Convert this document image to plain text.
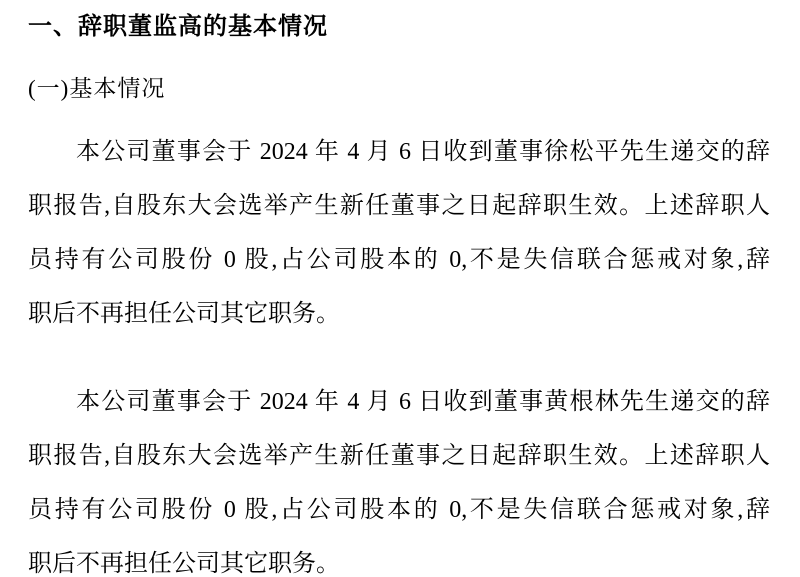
一、辞职董监高的基本情况
(一)基本情况
本公司董事会于 2024 年 4 月 6 日收到董事徐松平先生递交的辞
职报告,自股东大会选举产生新任董事之日起辞职生效。上述辞职人
员持有公司股份 0 股,占公司股本的 0,不是失信联合惩戒对象,辞
职后不再担任公司其它职务。
本公司董事会于 2024 年 4 月 6 日收到董事黄根林先生递交的辞
职报告,自股东大会选举产生新任董事之日起辞职生效。上述辞职人
员持有公司股份 0 股,占公司股本的 0,不是失信联合惩戒对象,辞
职后不再担任公司其它职务。
